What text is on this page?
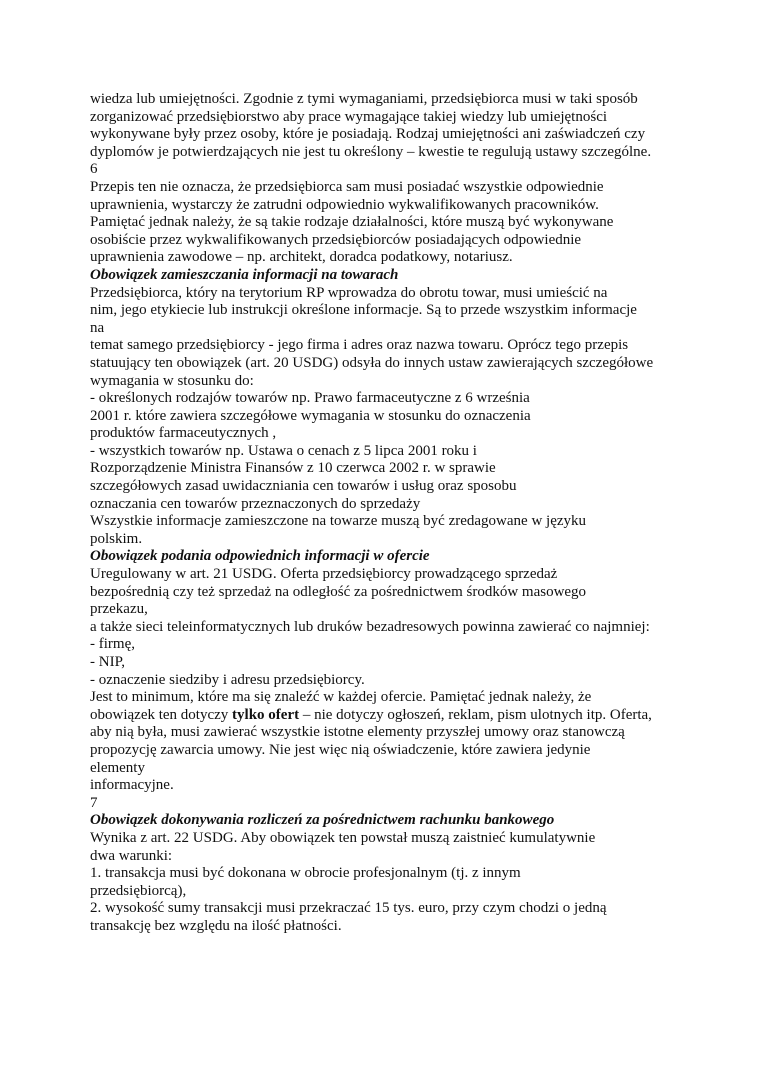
wiedza lub umiejętności. Zgodnie z tymi wymaganiami, przedsiębiorca musi w taki sposób
zorganizować przedsiębiorstwo aby prace wymagające takiej wiedzy lub umiejętności
wykonywane były przez osoby, które je posiadają. Rodzaj umiejętności ani zaświadczeń czy
dyplomów je potwierdzających nie jest tu określony – kwestie te regulują ustawy szczególne.
6
Przepis ten nie oznacza, że przedsiębiorca sam musi posiadać wszystkie odpowiednie
uprawnienia, wystarczy że zatrudni odpowiednio wykwalifikowanych pracowników.
Pamiętać jednak należy, że są takie rodzaje działalności, które muszą być wykonywane
osobiście przez wykwalifikowanych przedsiębiorców posiadających odpowiednie
uprawnienia zawodowe – np. architekt, doradca podatkowy, notariusz.
Obowiązek zamieszczania informacji na towarach
Przedsiębiorca, który na terytorium RP wprowadza do obrotu towar, musi umieścić na
nim, jego etykiecie lub instrukcji określone informacje. Są to przede wszystkim informacje
na
temat samego przedsiębiorcy - jego firma i adres oraz nazwa towaru. Oprócz tego przepis
statuujący ten obowiązek (art. 20 USDG) odsyła do innych ustaw zawierających szczegółowe
wymagania w stosunku do:
- określonych rodzajów towarów np. Prawo farmaceutyczne z 6 września
2001 r. które zawiera szczegółowe wymagania w stosunku do oznaczenia
produktów farmaceutycznych ,
- wszystkich towarów np. Ustawa o cenach z 5 lipca 2001 roku i
Rozporządzenie Ministra Finansów z 10 czerwca 2002 r. w sprawie
szczegółowych zasad uwidaczniania cen towarów i usług oraz sposobu
oznaczania cen towarów przeznaczonych do sprzedaży
Wszystkie informacje zamieszczone na towarze muszą być zredagowane w języku
polskim.
Obowiązek podania odpowiednich informacji w ofercie
Uregulowany w art. 21 USDG. Oferta przedsiębiorcy prowadzącego sprzedaż
bezpośrednią czy też sprzedaż na odległość za pośrednictwem środków masowego
przekazu,
a także sieci teleinformatycznych lub druków bezadresowych powinna zawierać co najmniej:
- firmę,
- NIP,
- oznaczenie siedziby i adresu przedsiębiorcy.
Jest to minimum, które ma się znaleźć w każdej ofercie. Pamiętać jednak należy, że
obowiązek ten dotyczy tylko ofert – nie dotyczy ogłoszeń, reklam, pism ulotnych itp. Oferta,
aby nią była, musi zawierać wszystkie istotne elementy przyszłej umowy oraz stanowczą
propozycję zawarcia umowy. Nie jest więc nią oświadczenie, które zawiera jedynie
elementy
informacyjne.
7
Obowiązek dokonywania rozliczeń za pośrednictwem rachunku bankowego
Wynika z art. 22 USDG. Aby obowiązek ten powstał muszą zaistnieć kumulatywnie
dwa warunki:
1. transakcja musi być dokonana w obrocie profesjonalnym (tj. z innym
przedsiębiorcą),
2. wysokość sumy transakcji musi przekraczać 15 tys. euro, przy czym chodzi o jedną
transakcję bez względu na ilość płatności.
